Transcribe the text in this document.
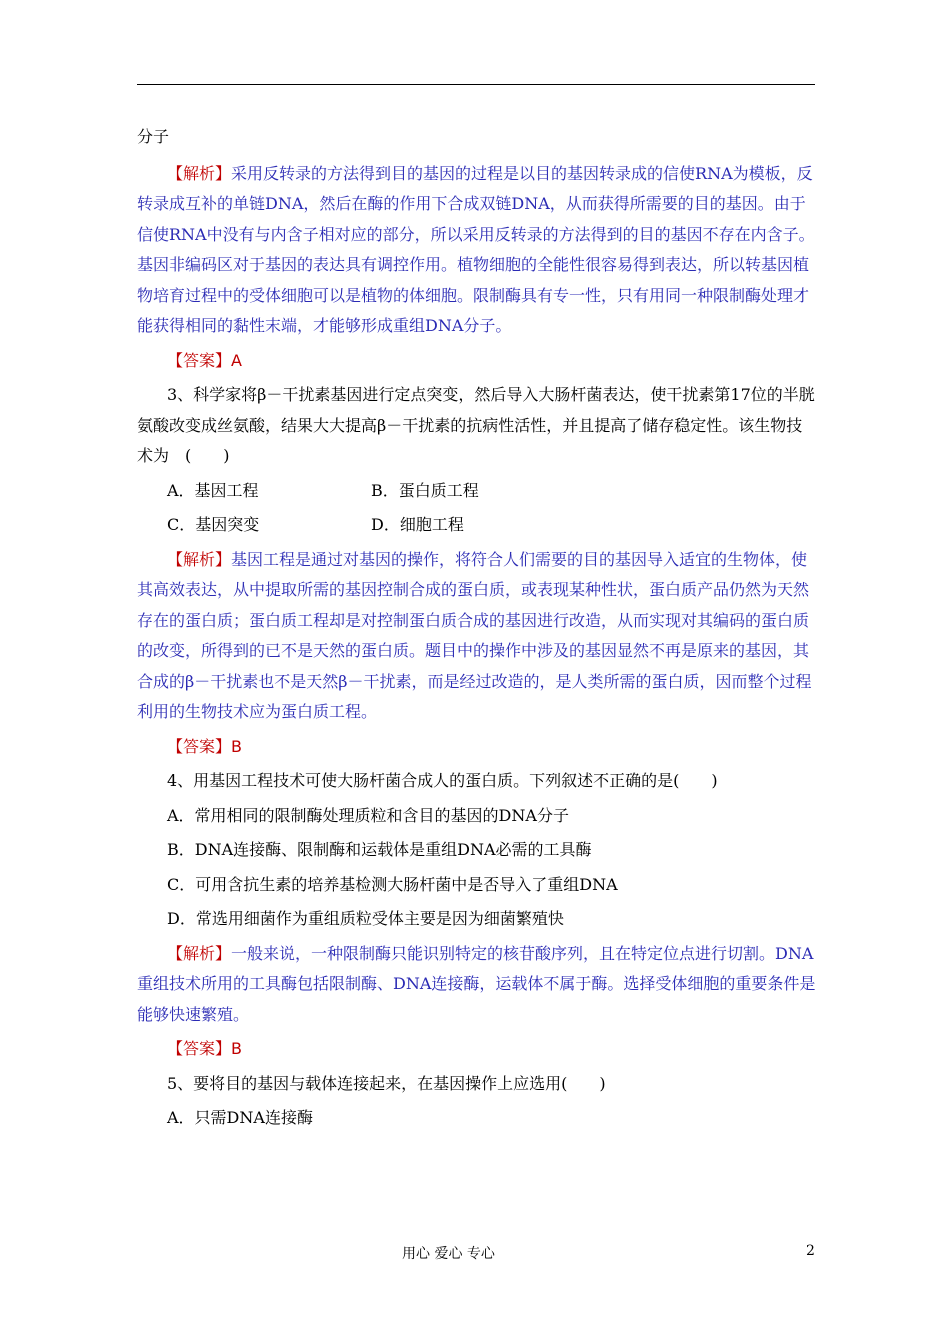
分子

【解析】采用反转录的方法得到目的基因的过程是以目的基因转录成的信使RNA为模板，反转录成互补的单链DNA，然后在酶的作用下合成双链DNA，从而获得所需要的目的基因。由于信使RNA中没有与内含子相对应的部分，所以采用反转录的方法得到的目的基因不存在内含子。基因非编码区对于基因的表达具有调控作用。植物细胞的全能性很容易得到表达，所以转基因植物培育过程中的受体细胞可以是植物的体细胞。限制酶具有专一性，只有用同一种限制酶处理才能获得相同的黏性末端，才能够形成重组DNA分子。

【答案】A

3、科学家将β－干扰素基因进行定点突变，然后导入大肠杆菌表达，使干扰素第17位的半胱氨酸改变成丝氨酸，结果大大提高β－干扰素的抗病性活性，并且提高了储存稳定性。该生物技术为　(　　)

A．基因工程	B．蛋白质工程
C．基因突变	D．细胞工程

【解析】基因工程是通过对基因的操作，将符合人们需要的目的基因导入适宜的生物体，使其高效表达，从中提取所需的基因控制合成的蛋白质，或表现某种性状，蛋白质产品仍然为天然存在的蛋白质；蛋白质工程却是对控制蛋白质合成的基因进行改造，从而实现对其编码的蛋白质的改变，所得到的已不是天然的蛋白质。题目中的操作中涉及的基因显然不再是原来的基因，其合成的β－干扰素也不是天然β－干扰素，而是经过改造的，是人类所需的蛋白质，因而整个过程利用的生物技术应为蛋白质工程。

【答案】B

4、用基因工程技术可使大肠杆菌合成人的蛋白质。下列叙述不正确的是(　　)

A．常用相同的限制酶处理质粒和含目的基因的DNA分子

B．DNA连接酶、限制酶和运载体是重组DNA必需的工具酶

C．可用含抗生素的培养基检测大肠杆菌中是否导入了重组DNA

D．常选用细菌作为重组质粒受体主要是因为细菌繁殖快

【解析】一般来说，一种限制酶只能识别特定的核苷酸序列，且在特定位点进行切割。DNA重组技术所用的工具酶包括限制酶、DNA连接酶，运载体不属于酶。选择受体细胞的重要条件是能够快速繁殖。

【答案】B

5、要将目的基因与载体连接起来，在基因操作上应选用(　　)

A．只需DNA连接酶

用心 爱心 专心	2
